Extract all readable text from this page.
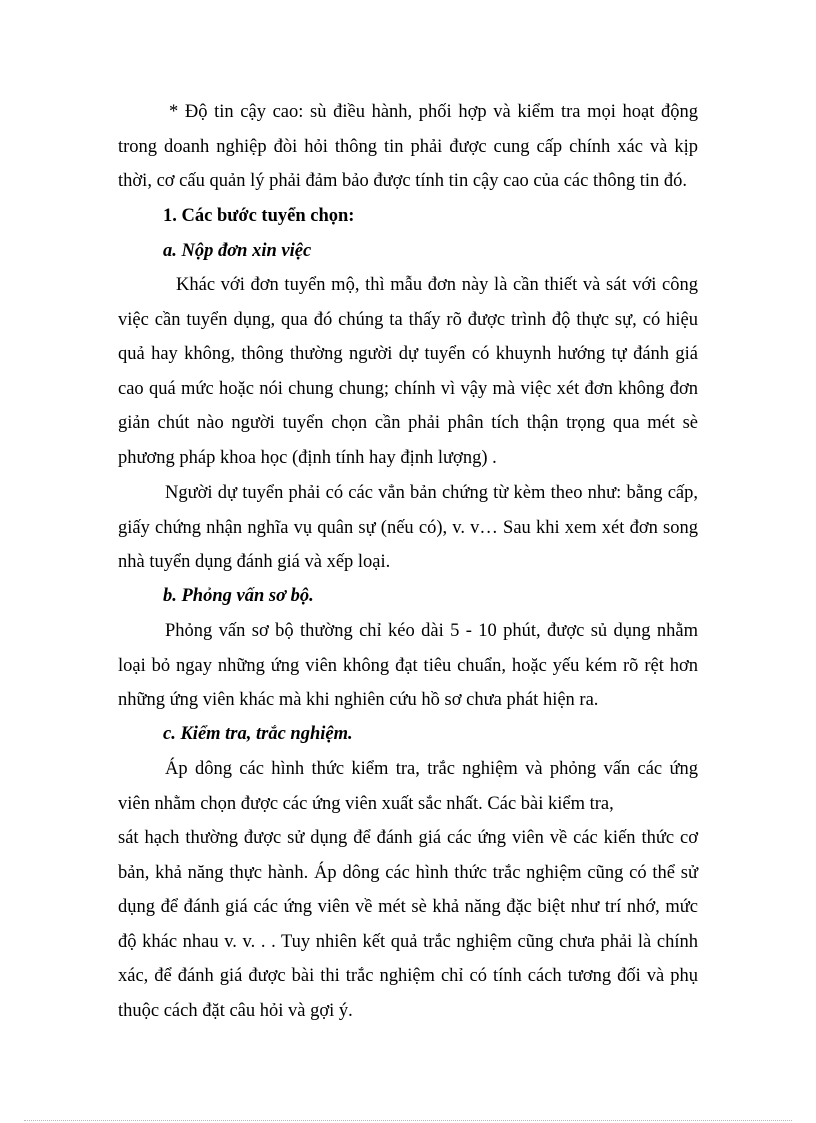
* Độ tin cậy cao: sù điều hành, phối hợp và kiểm tra mọi hoạt động trong doanh nghiệp đòi hỏi thông tin phải được cung cấp chính xác và kịp thời, cơ cấu quản lý phải đảm bảo được tính tin cậy cao của các thông tin đó.

1. Các bước tuyển chọn:

a. Nộp đơn xin việc

Khác với đơn tuyển mộ, thì mẫu đơn này là cần thiết và sát với công việc cần tuyển dụng, qua đó chúng ta thấy rõ được trình độ thực sự, có hiệu quả hay không, thông thường người dự tuyển có khuynh hướng tự đánh giá cao quá mức hoặc nói chung chung; chính vì vậy mà việc xét đơn không đơn giản chút nào người tuyển chọn cần phải phân tích thận trọng qua mét sè phương pháp khoa học (định tính hay định lượng) .

Người dự tuyển phải có các vẳn bản chứng từ kèm theo như: bằng cấp, giấy chứng nhận nghĩa vụ quân sự (nếu có), v. v… Sau khi xem xét đơn song nhà tuyển dụng đánh giá và xếp loại.

b. Phỏng vấn sơ bộ.

Phỏng vấn sơ bộ thường chỉ kéo dài 5 - 10 phút, được sủ dụng nhằm loại bỏ ngay những ứng viên không đạt tiêu chuẩn, hoặc yếu kém rõ rệt hơn những ứng viên khác mà khi nghiên cứu hồ sơ chưa phát hiện ra.

c. Kiểm tra, trắc nghiệm.

Áp dông các hình thức kiểm tra, trắc nghiệm và phỏng vấn các ứng viên nhằm chọn được các ứng viên xuất sắc nhất. Các bài kiểm tra,

sát hạch thường được sử dụng để đánh giá các ứng viên về các kiến thức cơ bản, khả năng thực hành. Áp dông các hình thức trắc nghiệm cũng có thể sử dụng để đánh giá các ứng viên về mét sè khả năng đặc biệt như trí nhớ, mức độ khác nhau v. v. . . Tuy nhiên kết quả trắc nghiệm cũng chưa phải là chính xác, để đánh giá được bài thi trắc nghiệm chỉ có tính cách tương đối và phụ thuộc cách đặt câu hỏi và gợi ý.
